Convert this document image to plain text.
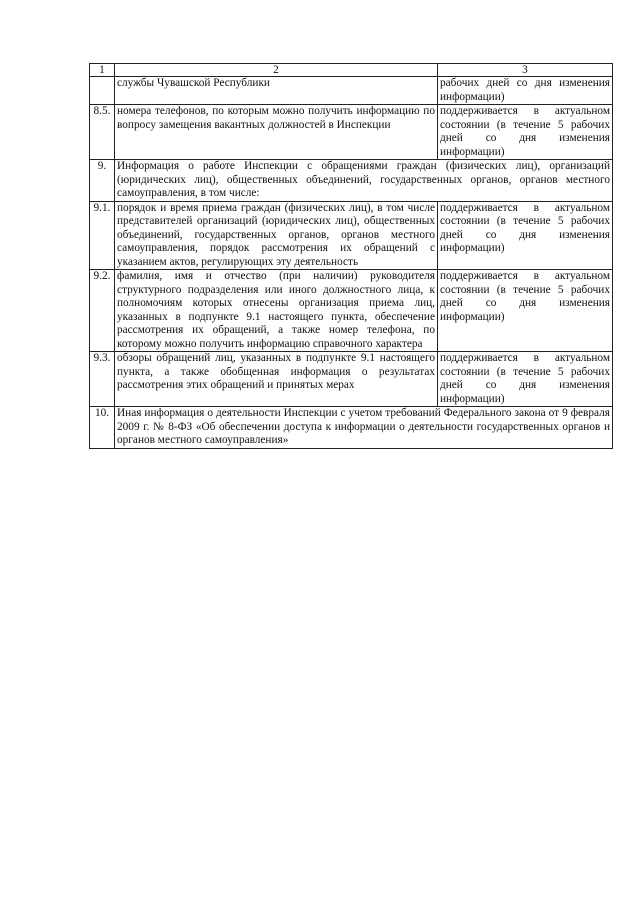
1	2	3
	службы Чувашской Республики	рабочих дней со дня изменения информации)
8.5.	номера телефонов, по которым можно получить информацию по вопросу замещения вакантных должностей в Инспекции	поддерживается в актуальном состоянии (в течение 5 рабочих дней со дня изменения информации)
9.	Информация о работе Инспекции с обращениями граждан (физических лиц), организаций (юридических лиц), общественных объединений, государственных органов, органов местного самоуправления, в том числе:	
9.1.	порядок и время приема граждан (физических лиц), в том числе представителей организаций (юридических лиц), общественных объединений, государственных органов, органов местного самоуправления, порядок рассмотрения их обращений с указанием актов, регулирующих эту деятельность	поддерживается в актуальном состоянии (в течение 5 рабочих дней со дня изменения информации)
9.2.	фамилия, имя и отчество (при наличии) руководителя структурного подразделения или иного должностного лица, к полномочиям которых отнесены организация приема лиц, указанных в подпункте 9.1 настоящего пункта, обеспечение рассмотрения их обращений, а также номер телефона, по которому можно получить информацию справочного характера	поддерживается в актуальном состоянии (в течение 5 рабочих дней со дня изменения информации)
9.3.	обзоры обращений лиц, указанных в подпункте 9.1 настоящего пункта, а также обобщенная информация о результатах рассмотрения этих обращений и принятых мерах	поддерживается в актуальном состоянии (в течение 5 рабочих дней со дня изменения информации)
10.	Иная информация о деятельности Инспекции с учетом требований Федерального закона от 9 февраля 2009 г. № 8-ФЗ «Об обеспечении доступа к информации о деятельности государственных органов и органов местного самоуправления»	
